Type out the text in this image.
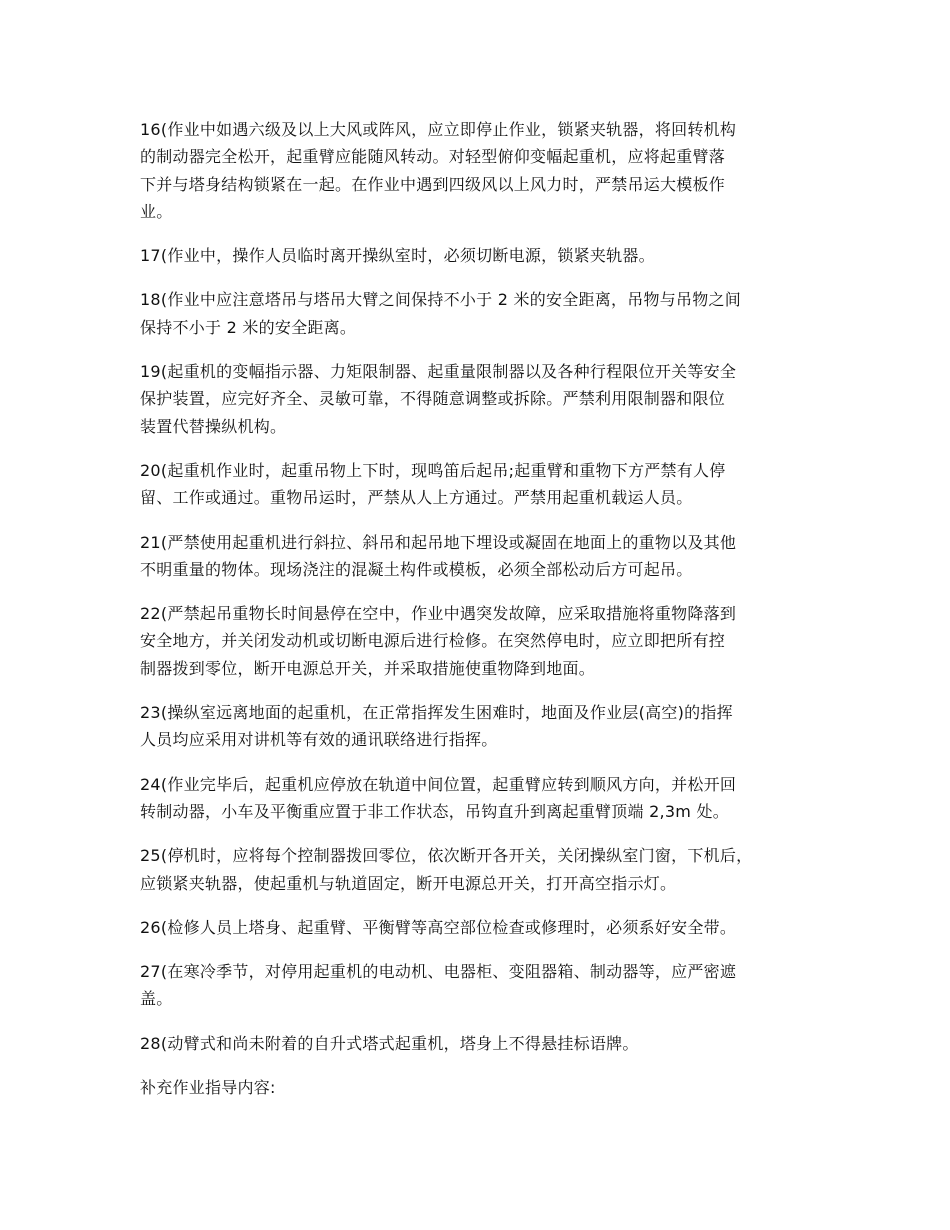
16(作业中如遇六级及以上大风或阵风，应立即停止作业，锁紧夹轨器，将回转机构
的制动器完全松开，起重臂应能随风转动。对轻型俯仰变幅起重机，应将起重臂落
下并与塔身结构锁紧在一起。在作业中遇到四级风以上风力时，严禁吊运大模板作
业。

17(作业中，操作人员临时离开操纵室时，必须切断电源，锁紧夹轨器。

18(作业中应注意塔吊与塔吊大臂之间保持不小于 2 米的安全距离，吊物与吊物之间
保持不小于 2 米的安全距离。

19(起重机的变幅指示器、力矩限制器、起重量限制器以及各种行程限位开关等安全
保护装置，应完好齐全、灵敏可靠，不得随意调整或拆除。严禁利用限制器和限位
装置代替操纵机构。

20(起重机作业时，起重吊物上下时，现鸣笛后起吊;起重臂和重物下方严禁有人停
留、工作或通过。重物吊运时，严禁从人上方通过。严禁用起重机载运人员。

21(严禁使用起重机进行斜拉、斜吊和起吊地下埋设或凝固在地面上的重物以及其他
不明重量的物体。现场浇注的混凝土构件或模板，必须全部松动后方可起吊。

22(严禁起吊重物长时间悬停在空中，作业中遇突发故障，应采取措施将重物降落到
安全地方，并关闭发动机或切断电源后进行检修。在突然停电时，应立即把所有控
制器拨到零位，断开电源总开关，并采取措施使重物降到地面。

23(操纵室远离地面的起重机，在正常指挥发生困难时，地面及作业层(高空)的指挥
人员均应采用对讲机等有效的通讯联络进行指挥。

24(作业完毕后，起重机应停放在轨道中间位置，起重臂应转到顺风方向，并松开回
转制动器，小车及平衡重应置于非工作状态，吊钩直升到离起重臂顶端 2,3m 处。

25(停机时，应将每个控制器拨回零位，依次断开各开关，关闭操纵室门窗，下机后，
应锁紧夹轨器，使起重机与轨道固定，断开电源总开关，打开高空指示灯。

26(检修人员上塔身、起重臂、平衡臂等高空部位检查或修理时，必须系好安全带。

27(在寒冷季节，对停用起重机的电动机、电器柜、变阻器箱、制动器等，应严密遮
盖。

28(动臂式和尚未附着的自升式塔式起重机，塔身上不得悬挂标语牌。

补充作业指导内容:
